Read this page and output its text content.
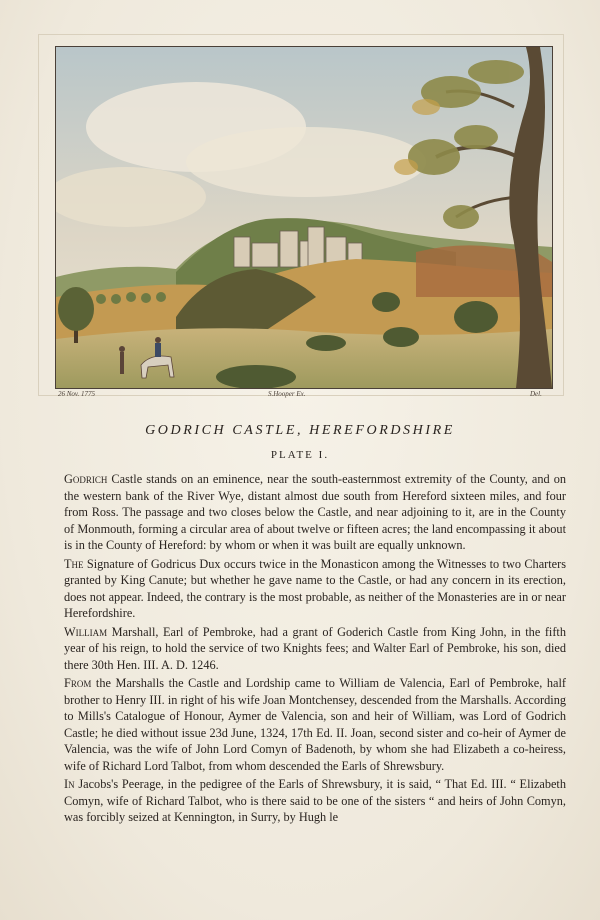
26 Nov. 1775	S.Hooper Ex.	Del.
GODRICH CASTLE, HEREFORDSHIRE
PLATE I.

Godrich Castle stands on an eminence, near the south-easternmost extremity of the County, and on the western bank of the River Wye, distant almost due south from Hereford sixteen miles, and four from Ross. The passage and two closes below the Castle, and near adjoining to it, are in the County of Monmouth, forming a circular area of about twelve or fifteen acres; the land encompassing it about is in the County of Hereford: by whom or when it was built are equally unknown.

The Signature of Godricus Dux occurs twice in the Monasticon among the Witnesses to two Charters granted by King Canute; but whether he gave name to the Castle, or had any concern in its erection, does not appear. Indeed, the contrary is the most probable, as neither of the Monasteries are in or near Herefordshire.

William Marshall, Earl of Pembroke, had a grant of Goderich Castle from King John, in the fifth year of his reign, to hold the service of two Knights fees; and Walter Earl of Pembroke, his son, died there 30th Hen. III. A. D. 1246.

From the Marshalls the Castle and Lordship came to William de Valencia, Earl of Pembroke, half brother to Henry III. in right of his wife Joan Montchensey, descended from the Marshalls. According to Mills's Catalogue of Honour, Aymer de Valencia, son and heir of William, was Lord of Godrich Castle; he died without issue 23d June, 1324, 17th Ed. II. Joan, second sister and co-heir of Aymer de Valencia, was the wife of John Lord Comyn of Badenoth, by whom she had Elizabeth a co-heiress, wife of Richard Lord Talbot, from whom descended the Earls of Shrewsbury.

In Jacobs's Peerage, in the pedigree of the Earls of Shrewsbury, it is said, “ That Ed. III. “ Elizabeth Comyn, wife of Richard Talbot, who is there said to be one of the sisters “ and heirs of John Comyn, was forcibly seized at Kennington, in Surry, by Hugh le
